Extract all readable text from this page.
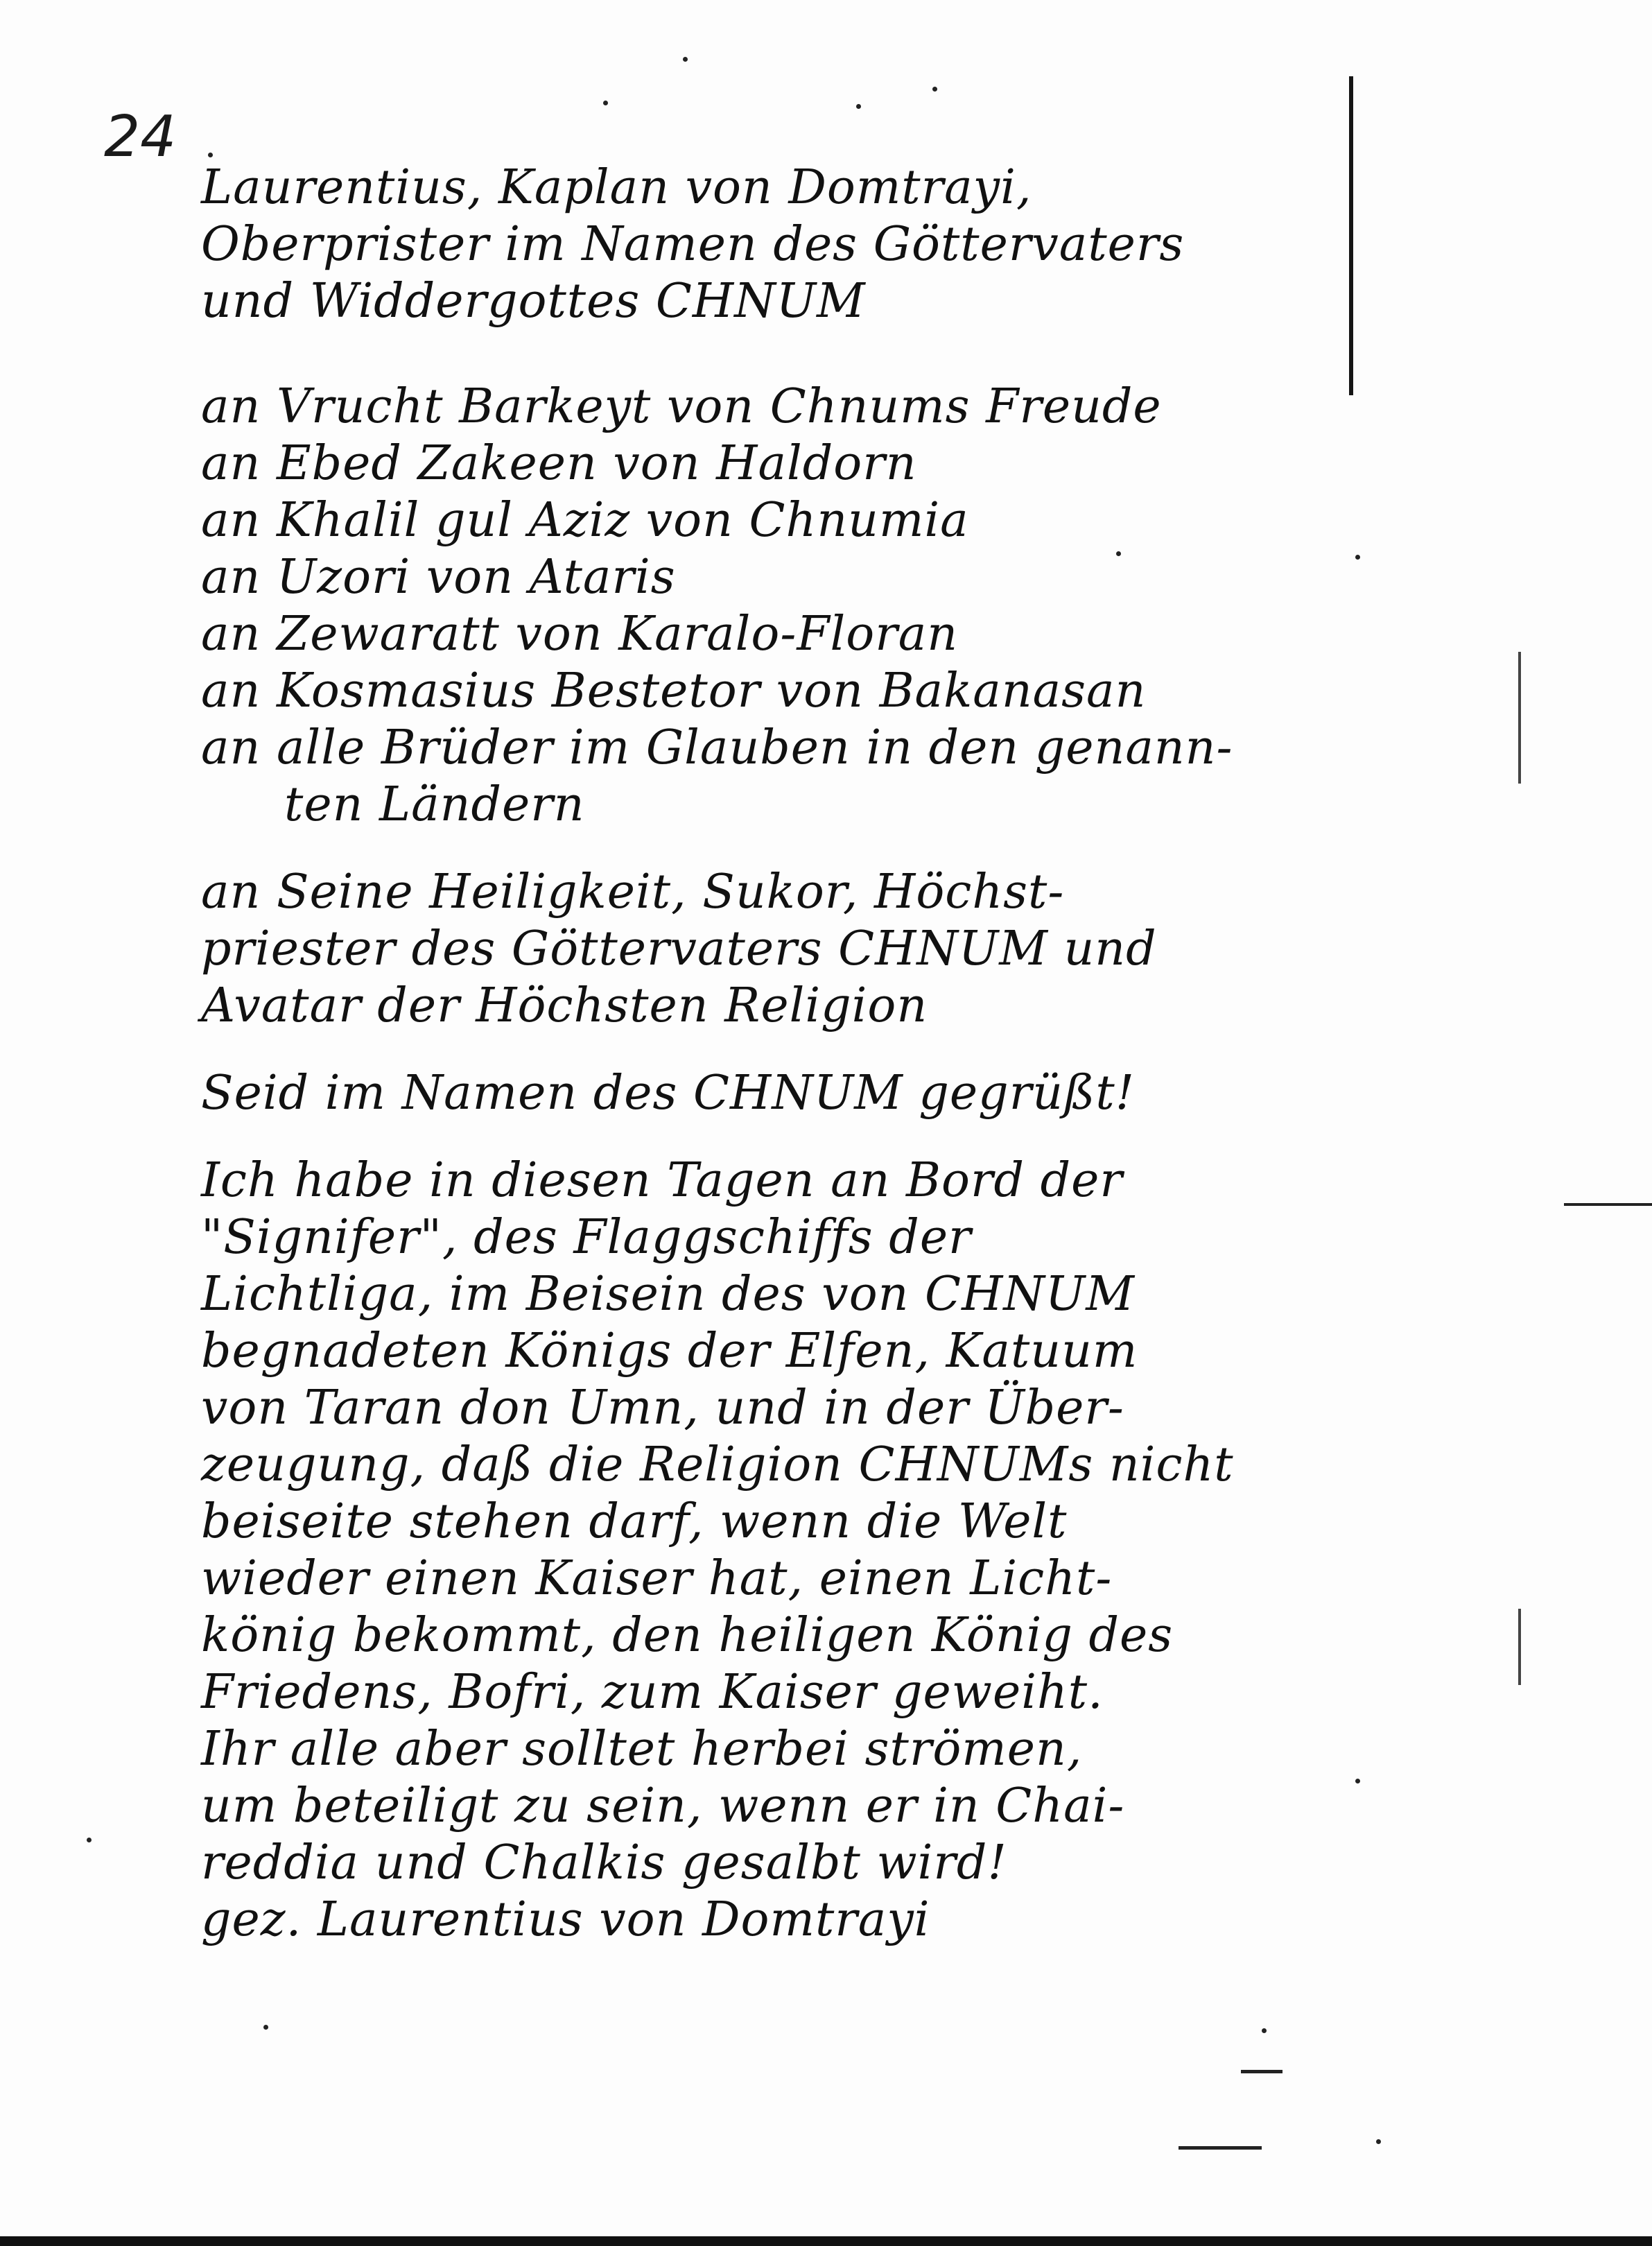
24
Laurentius, Kaplan von Domtrayi,
Oberprister im Namen des Göttervaters
und Widdergottes CHNUM
an Vrucht Barkeyt von Chnums Freude
an Ebed Zakeen von Haldorn
an Khalil gul Aziz von Chnumia
an Uzori von Ataris
an Zewaratt von Karalo-Floran
an Kosmasius Bestetor von Bakanasan
an alle Brüder im Glauben in den genann-
ten Ländern
an Seine Heiligkeit, Sukor, Höchst-
priester des Göttervaters CHNUM und
Avatar der Höchsten Religion
Seid im Namen des CHNUM gegrüßt!
Ich habe in diesen Tagen an Bord der
"Signifer", des Flaggschiffs der
Lichtliga, im Beisein des von CHNUM
begnadeten Königs der Elfen, Katuum
von Taran don Umn, und in der Über-
zeugung, daß die Religion CHNUMs nicht
beiseite stehen darf, wenn die Welt
wieder einen Kaiser hat, einen Licht-
könig bekommt, den heiligen König des
Friedens, Bofri, zum Kaiser geweiht.
Ihr alle aber solltet herbei strömen,
um beteiligt zu sein, wenn er in Chai-
reddia und Chalkis gesalbt wird!
gez. Laurentius von Domtrayi
